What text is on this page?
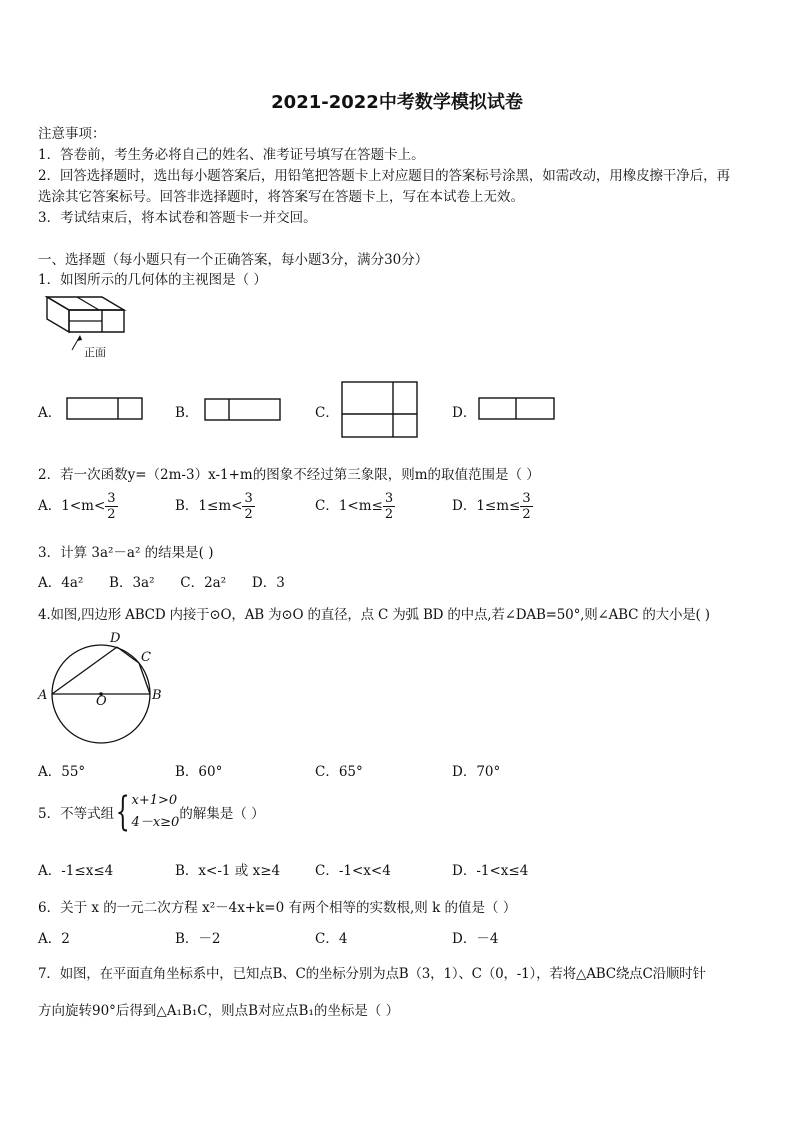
2021-2022中考数学模拟试卷
注意事项：
1．答卷前，考生务必将自己的姓名、准考证号填写在答题卡上。
2．回答选择题时，选出每小题答案后，用铅笔把答题卡上对应题目的答案标号涂黑，如需改动，用橡皮擦干净后，再
选涂其它答案标号。回答非选择题时，将答案写在答题卡上，写在本试卷上无效。
3．考试结束后，将本试卷和答题卡一并交回。
一、选择题（每小题只有一个正确答案，每小题3分，满分30分）
1．如图所示的几何体的主视图是（ ）
正面
A．	B．	C．	D．
2．若一次函数y=（2m-3）x-1+m的图象不经过第三象限，则m的取值范围是（ ）
A．$1<m< \frac{3}{2}$	B．$1\le m< \frac{3}{2}$	C．$1<m\le \frac{3}{2}$	D．$1\le m\le \frac{3}{2}$
3．计算 3a²－a² 的结果是( )
A．4a²      B．3a²      C．2a²      D．3
4.如图,四边形 ABCD 内接于⊙O，AB 为⊙O 的直径，点 C 为弧 BD 的中点,若∠DAB=50°,则∠ABC 的大小是( )
A	B
C
D
O
A．55°	B．60°	C．65°	D．70°
5．不等式组{ x+1>0
4－x≥0
的解集是（ ）
A．-1≤x≤4	B．x<-1 或 x≥4	C．-1<x<4	D．-1<x≤4
6．关于 x 的一元二次方程 x²－4x+k=0 有两个相等的实数根,则 k 的值是（ ）
A．2	B．－2	C．4	D．－4
7．如图，在平面直角坐标系中，已知点B、C的坐标分别为点B（3，1）、C（0，-1），若将△ABC绕点C沿顺时针
方向旋转90°后得到△A₁B₁C，则点B对应点B₁的坐标是（ ）
